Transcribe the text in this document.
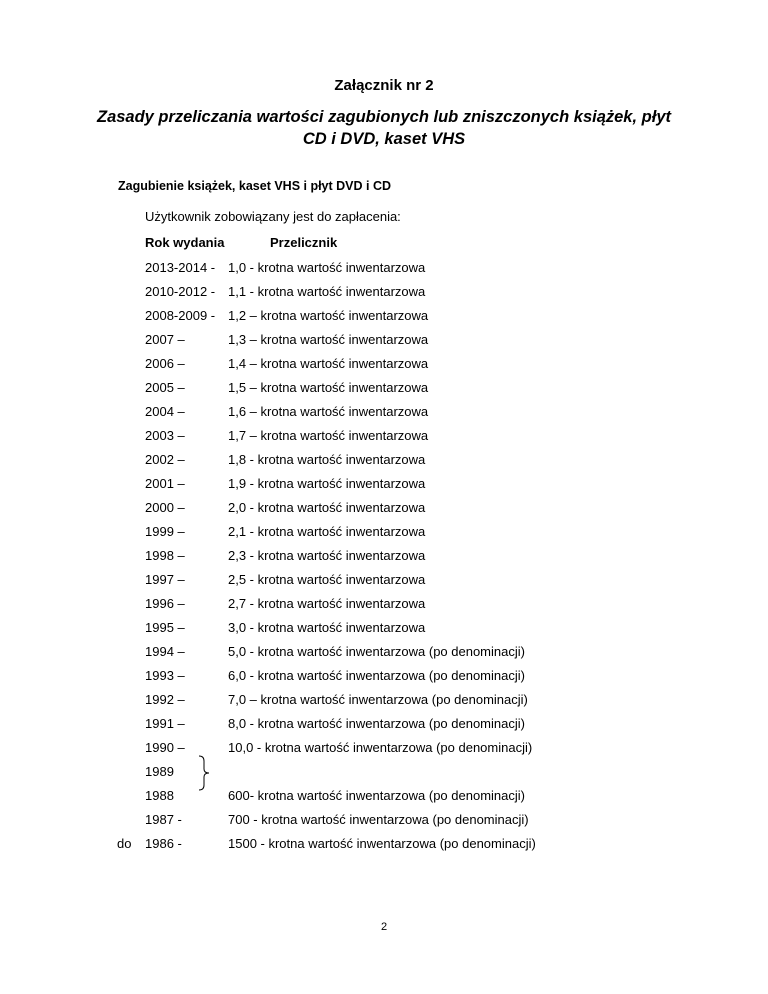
Załącznik nr 2
Zasady przeliczania wartości zagubionych lub zniszczonych książek, płyt CD i DVD, kaset VHS
Zagubienie książek, kaset VHS i płyt DVD i CD
Użytkownik zobowiązany jest do zapłacenia:
Rok wydania	Przelicznik
2013-2014 - 1,0 - krotna wartość inwentarzowa
2010-2012 - 1,1 - krotna wartość inwentarzowa
2008-2009 - 1,2 – krotna wartość inwentarzowa
2007 –	1,3 – krotna wartość inwentarzowa
2006 –	1,4 – krotna wartość inwentarzowa
2005 –	1,5 – krotna wartość inwentarzowa
2004 –	1,6 – krotna wartość inwentarzowa
2003 –	1,7 – krotna wartość inwentarzowa
2002 –	1,8 - krotna wartość inwentarzowa
2001 –	1,9 - krotna wartość inwentarzowa
2000 –	2,0 - krotna wartość inwentarzowa
1999 –	2,1 - krotna wartość inwentarzowa
1998 –	2,3 - krotna wartość inwentarzowa
1997 –	2,5 - krotna wartość inwentarzowa
1996 –	2,7 - krotna wartość inwentarzowa
1995 –	3,0 - krotna wartość inwentarzowa
1994 –	5,0 - krotna wartość inwentarzowa (po denominacji)
1993 –	6,0 - krotna wartość inwentarzowa (po denominacji)
1992 –	7,0 – krotna wartość inwentarzowa (po denominacji)
1991 –	8,0 - krotna wartość inwentarzowa (po denominacji)
1990 –	10,0 - krotna wartość inwentarzowa (po denominacji)
1989
1988	600- krotna wartość inwentarzowa (po denominacji)
1987 -	700 - krotna wartość inwentarzowa (po denominacji)
do 1986 -	1500 - krotna wartość inwentarzowa (po denominacji)
2
